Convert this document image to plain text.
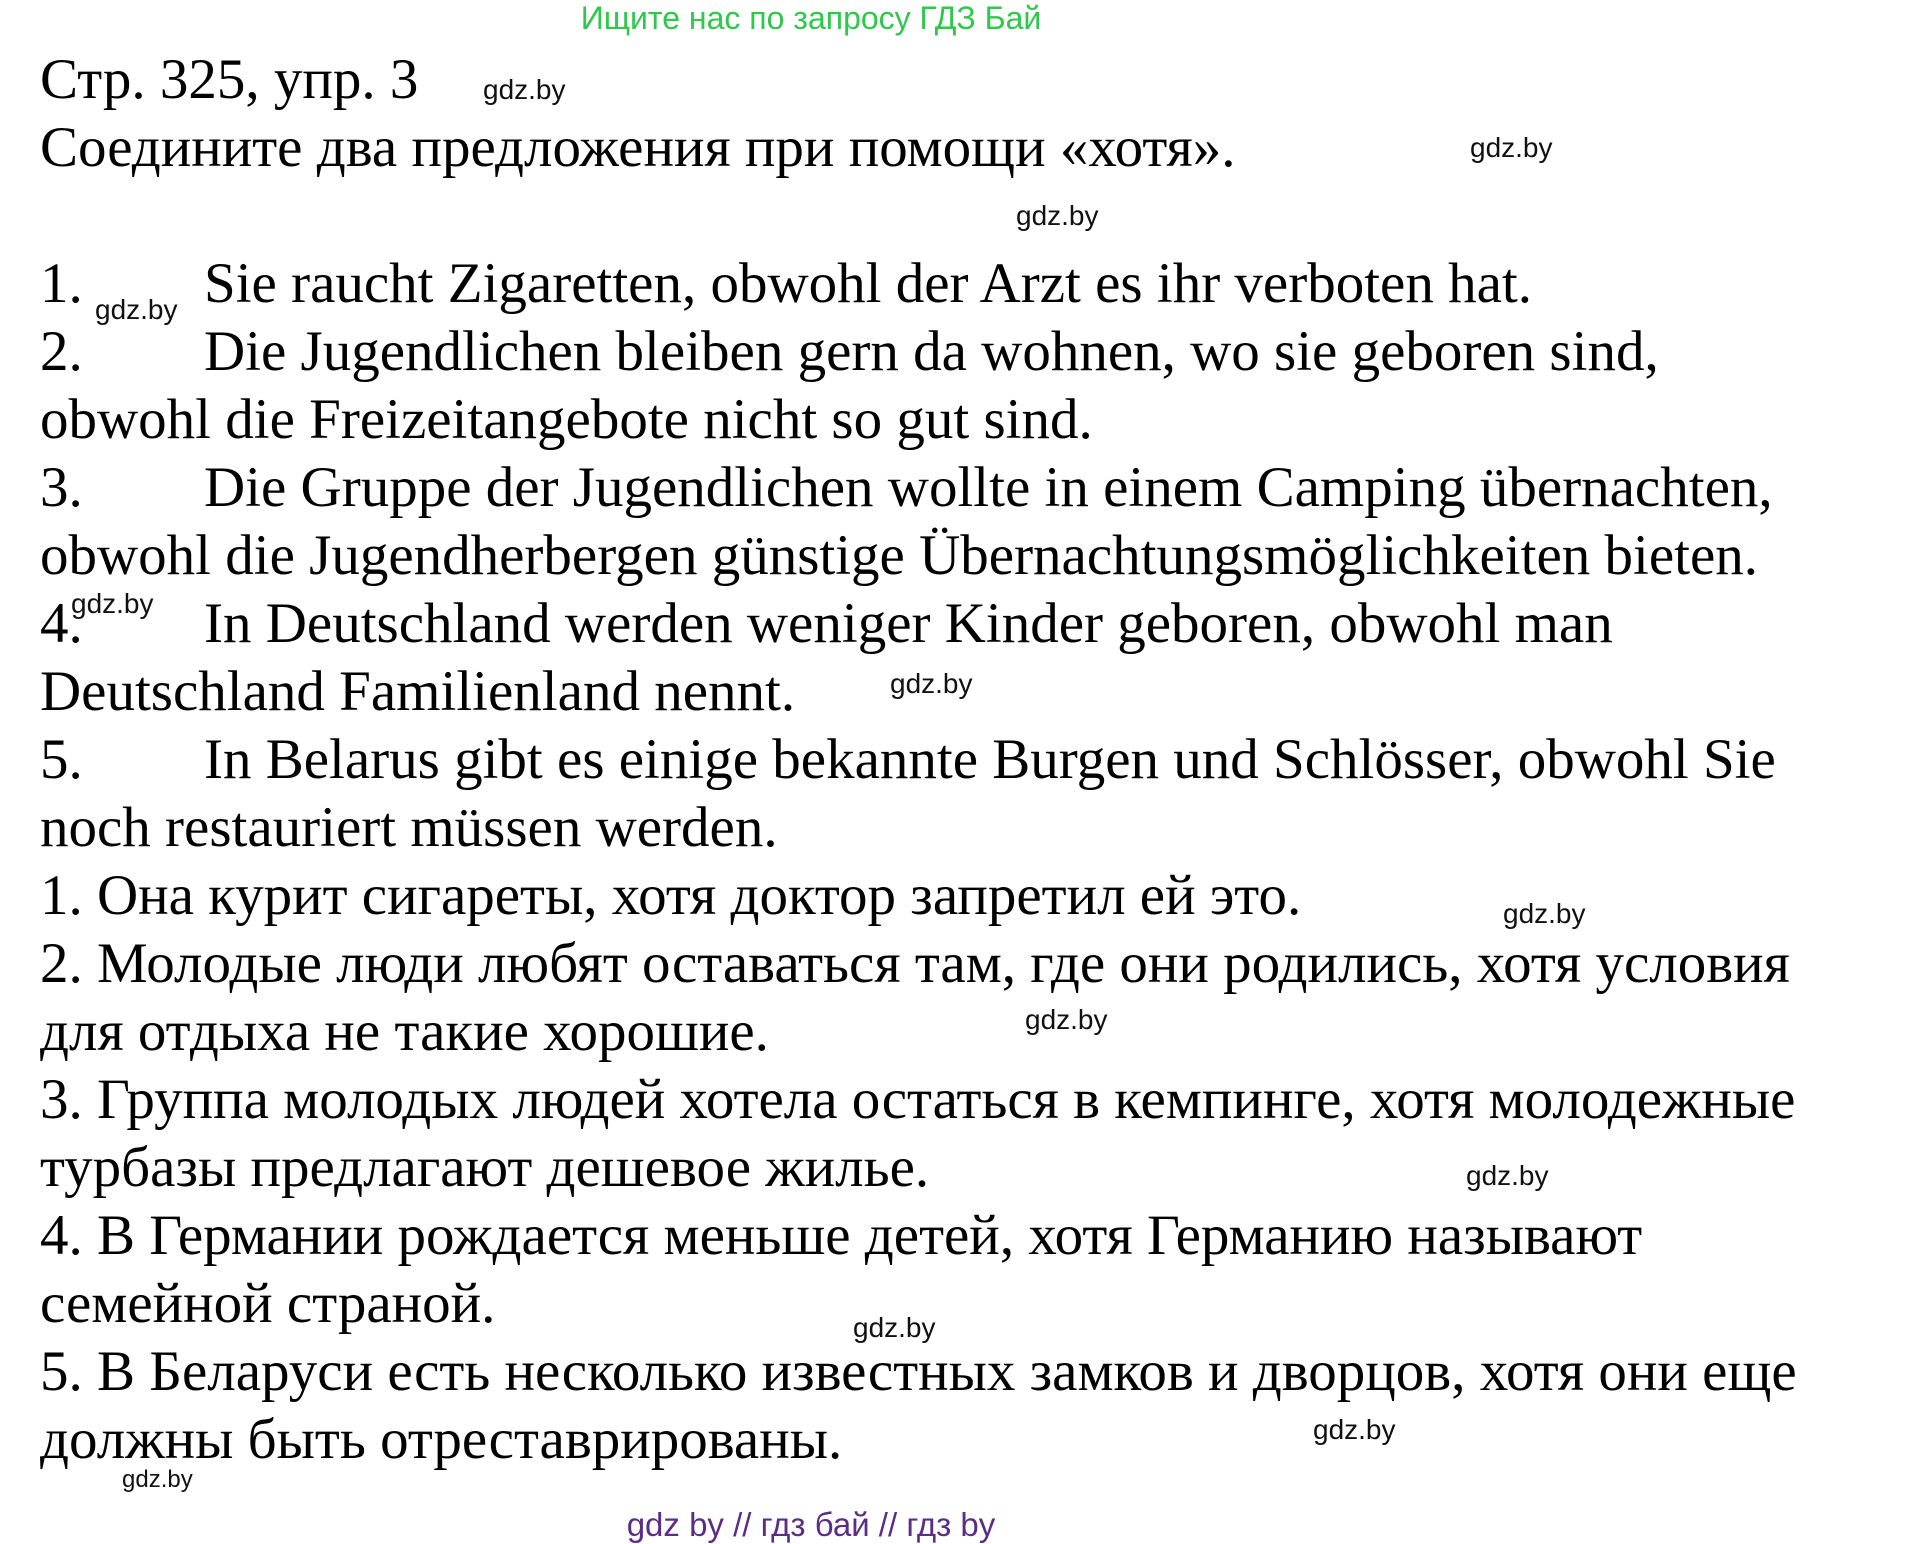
Ищите нас по запросу ГДЗ Бай
Стр. 325, упр. 3
Соедините два предложения при помощи «хотя».
1. Sie raucht Zigaretten, obwohl der Arzt es ihr verboten hat.
2. Die Jugendlichen bleiben gern da wohnen, wo sie geboren sind,
obwohl die Freizeitangebote nicht so gut sind.
3. Die Gruppe der Jugendlichen wollte in einem Camping übernachten,
obwohl die Jugendherbergen günstige Übernachtungsmöglichkeiten bieten.
4. In Deutschland werden weniger Kinder geboren, obwohl man
Deutschland Familienland nennt.
5. In Belarus gibt es einige bekannte Burgen und Schlösser, obwohl Sie
noch restauriert müssen werden.
1. Она курит сигареты, хотя доктор запретил ей это.
2. Молодые люди любят оставаться там, где они родились, хотя условия
для отдыха не такие хорошие.
3. Группа молодых людей хотела остаться в кемпинге, хотя молодежные
турбазы предлагают дешевое жилье.
4. В Германии рождается меньше детей, хотя Германию называют
семейной страной.
5. В Беларуси есть несколько известных замков и дворцов, хотя они еще
должны быть отреставрированы.
gdz.by
gdz.by
gdz.by
gdz.by
gdz.by
gdz.by
gdz.by
gdz.by
gdz.by
gdz.by
gdz.by
gdz.by
gdz by // гдз бай // гдз by
